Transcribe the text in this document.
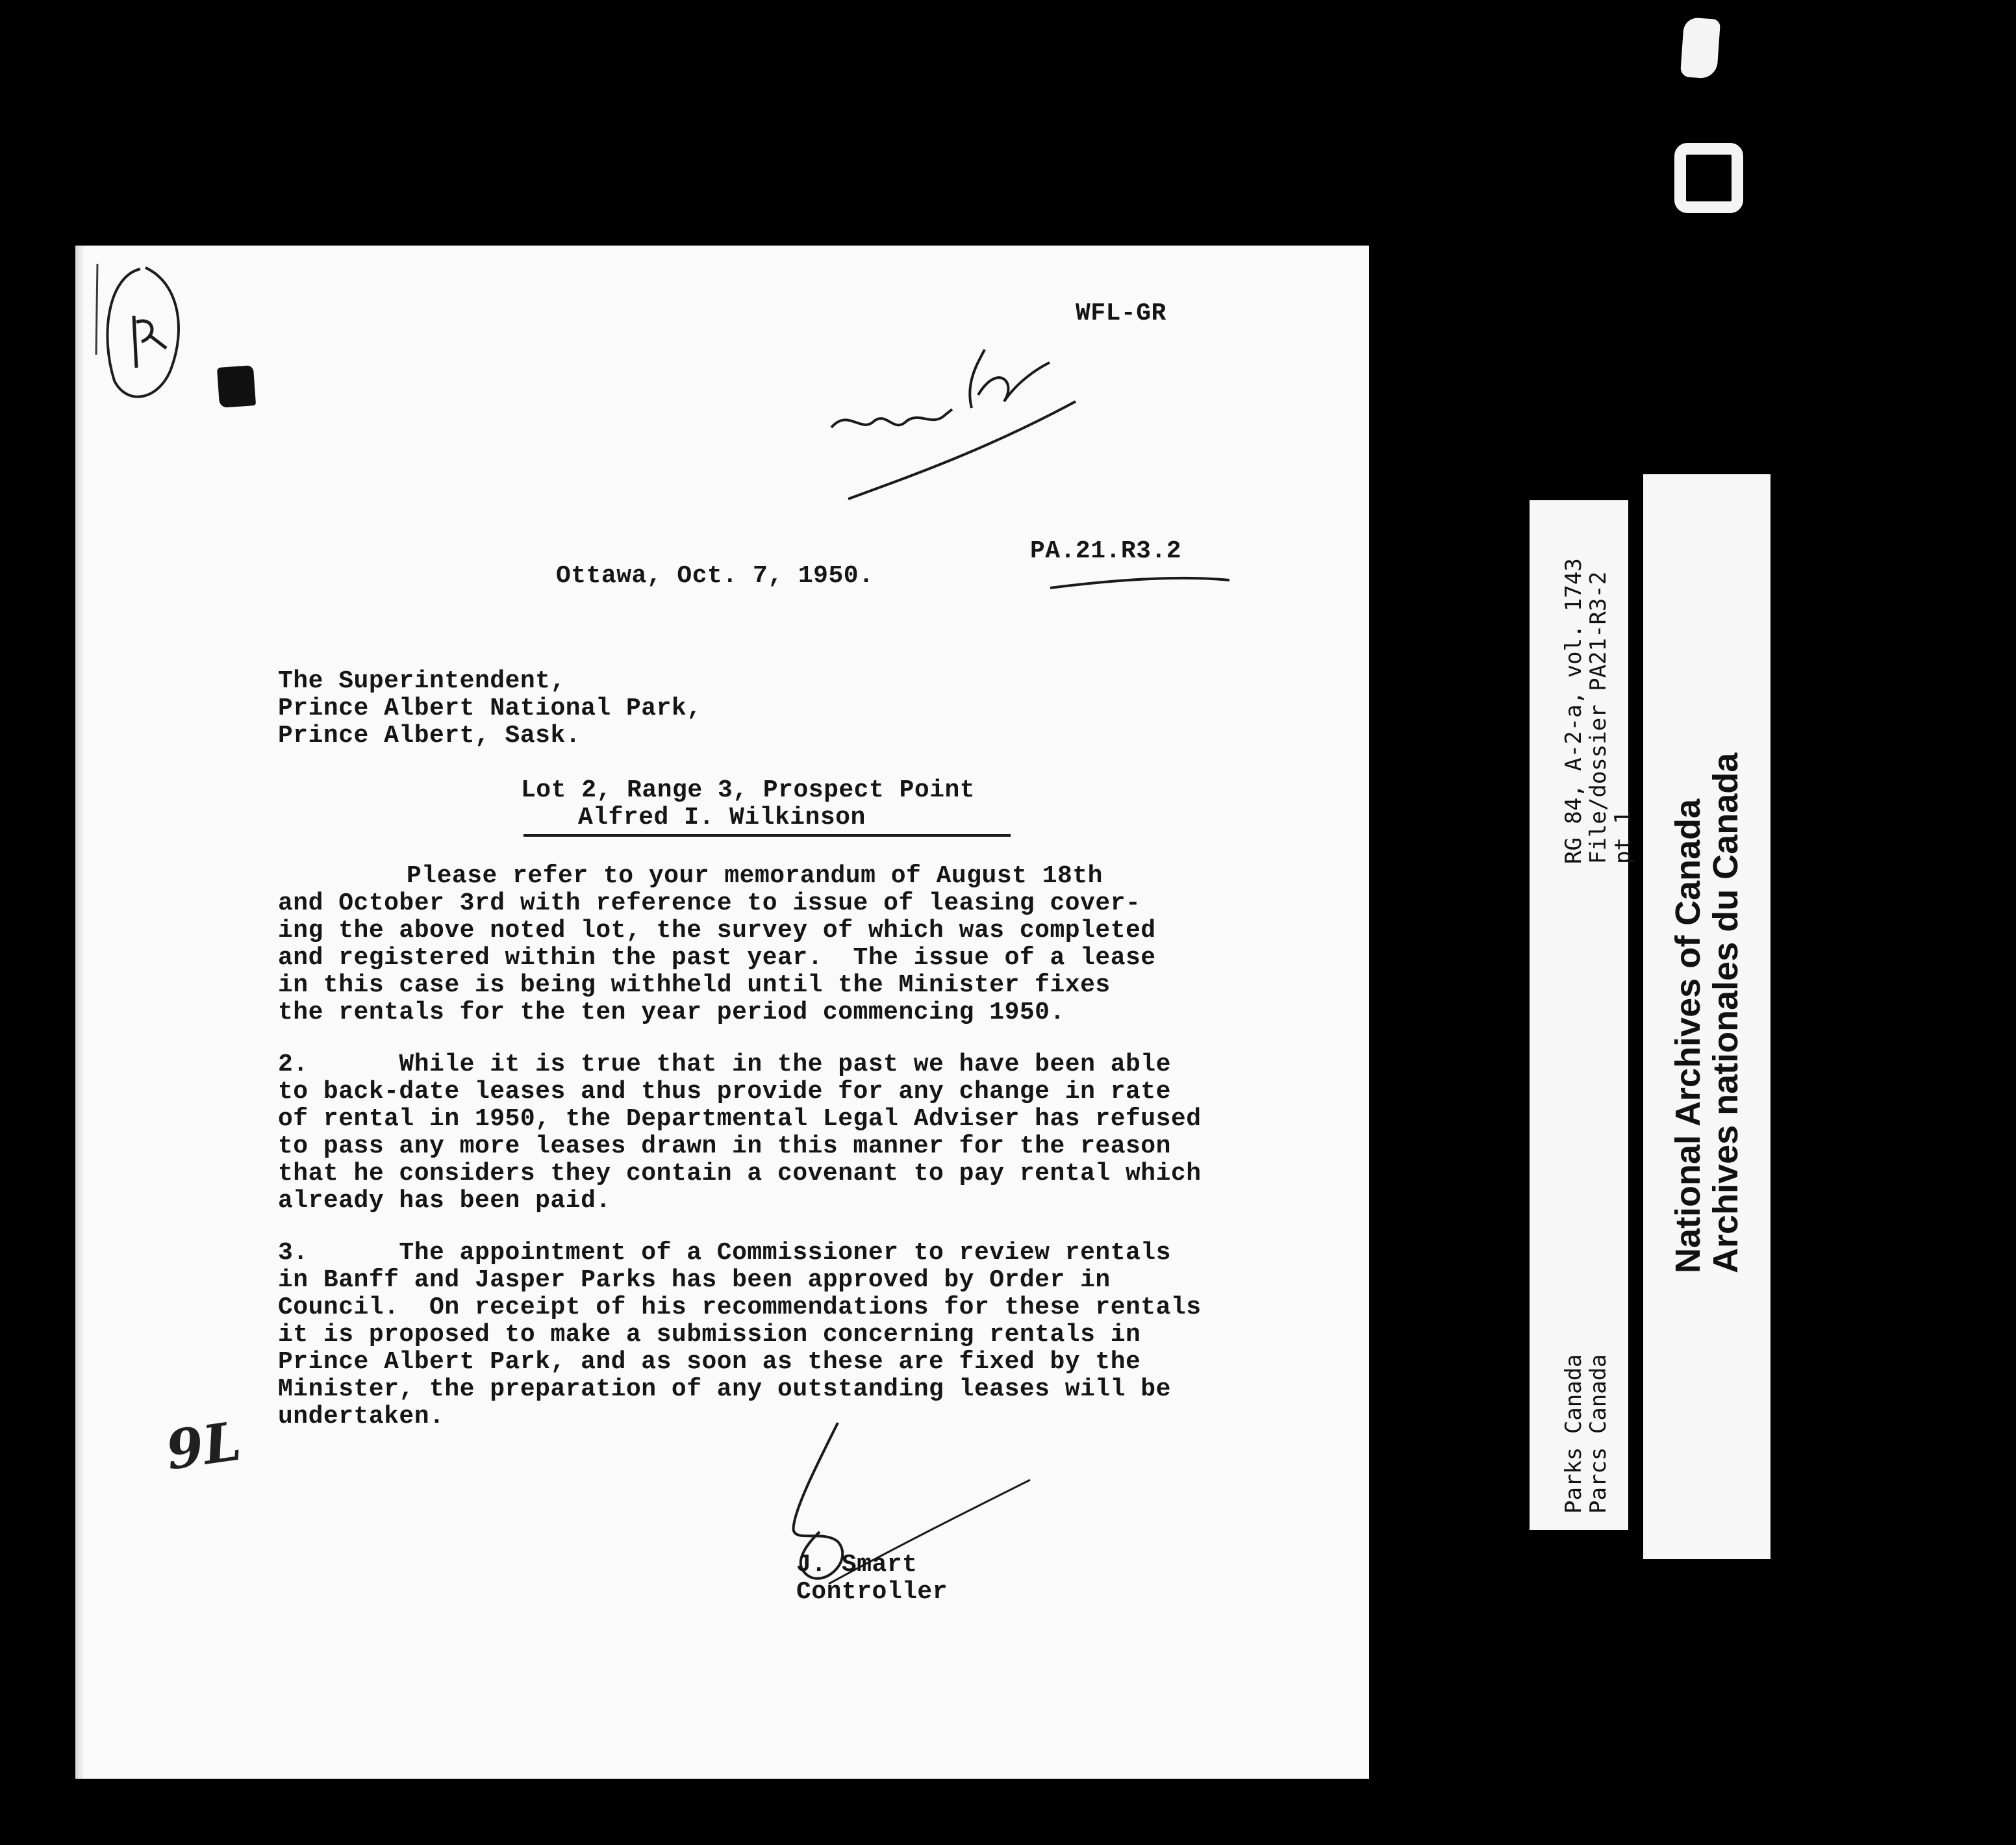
WFL-GR
PA.21.R3.2
Ottawa, Oct. 7, 1950.
The Superintendent,
Prince Albert National Park,
Prince Albert, Sask.
Lot 2, Range 3, Prospect Point
Alfred I. Wilkinson
Please refer to your memorandum of August 18th
and October 3rd with reference to issue of leasing cover-
ing the above noted lot, the survey of which was completed
and registered within the past year.  The issue of a lease
in this case is being withheld until the Minister fixes
the rentals for the ten year period commencing 1950.
2.      While it is true that in the past we have been able
to back-date leases and thus provide for any change in rate
of rental in 1950, the Departmental Legal Adviser has refused
to pass any more leases drawn in this manner for the reason
that he considers they contain a covenant to pay rental which
already has been paid.
3.      The appointment of a Commissioner to review rentals
in Banff and Jasper Parks has been approved by Order in
Council.  On receipt of his recommendations for these rentals
it is proposed to make a submission concerning rentals in
Prince Albert Park, and as soon as these are fixed by the
Minister, the preparation of any outstanding leases will be
undertaken.
9L
J. Smart
Controller
RG 84, A-2-a, vol. 1743
File/dossier PA21-R3-2
pt 1
Parks Canada
Parcs Canada
National Archives of Canada
Archives nationales du Canada
